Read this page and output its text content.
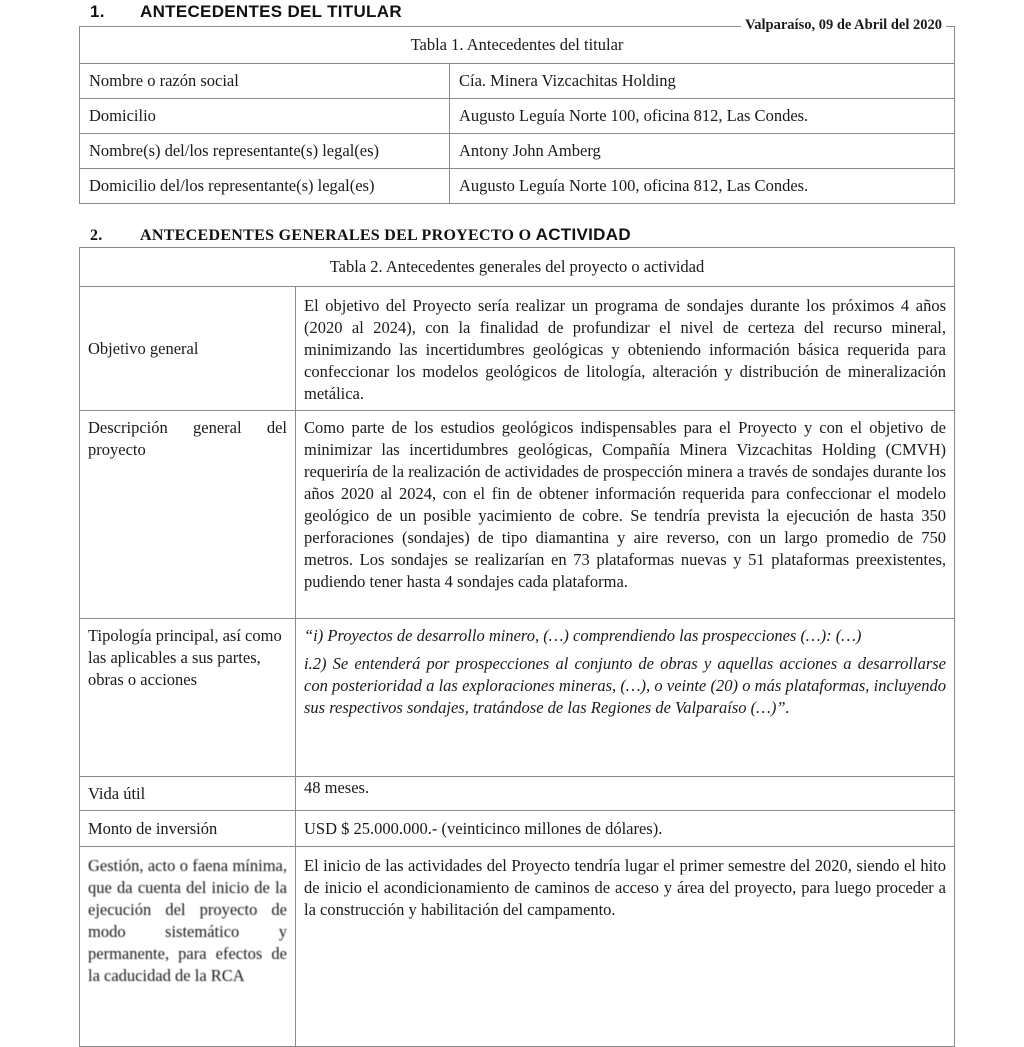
1. ANTECEDENTES DEL TITULAR
Valparaíso, 09 de Abril del 2020
Tabla 1. Antecedentes del titular	
Nombre o razón social	Cía. Minera Vizcachitas Holding
Domicilio	Augusto Leguía Norte 100, oficina 812, Las Condes.
Nombre(s) del/los representante(s) legal(es)	Antony John Amberg
Domicilio del/los representante(s) legal(es)	Augusto Leguía Norte 100, oficina 812, Las Condes.
2. ANTECEDENTES GENERALES DEL PROYECTO O ACTIVIDAD
Tabla 2. Antecedentes generales del proyecto o actividad	
Objetivo general	El objetivo del Proyecto sería realizar un programa de sondajes durante los próximos 4 años (2020 al 2024), con la finalidad de profundizar el nivel de certeza del recurso mineral, minimizando las incertidumbres geológicas y obteniendo información básica requerida para confeccionar los modelos geológicos de litología, alteración y distribución de mineralización metálica.
Descripción general del proyecto	Como parte de los estudios geológicos indispensables para el Proyecto y con el objetivo de minimizar las incertidumbres geológicas, Compañía Minera Vizcachitas Holding (CMVH) requeriría de la realización de actividades de prospección minera a través de sondajes durante los años 2020 al 2024, con el fin de obtener información requerida para confeccionar el modelo geológico de un posible yacimiento de cobre. Se tendría prevista la ejecución de hasta 350 perforaciones (sondajes) de tipo diamantina y aire reverso, con un largo promedio de 750 metros. Los sondajes se realizarían en 73 plataformas nuevas y 51 plataformas preexistentes, pudiendo tener hasta 4 sondajes cada plataforma.
Tipología principal, así como las aplicables a sus partes, obras o acciones	“i) Proyectos de desarrollo minero, (…) comprendiendo las prospecciones (…): (…)

i.2) Se entenderá por prospecciones al conjunto de obras y aquellas acciones a desarrollarse con posterioridad a las exploraciones mineras, (…), o veinte (20) o más plataformas, incluyendo sus respectivos sondajes, tratándose de las Regiones de Valparaíso (…)”.

Vida útil	48 meses.
Monto de inversión	USD $ 25.000.000.- (veinticinco millones de dólares).
Gestión, acto o faena mínima, que da cuenta del inicio de la ejecución del proyecto de modo sistemático y permanente, para efectos de la caducidad de la RCA	El inicio de las actividades del Proyecto tendría lugar el primer semestre del 2020, siendo el hito de inicio el acondicionamiento de caminos de acceso y área del proyecto, para luego proceder a la construcción y habilitación del campamento.
